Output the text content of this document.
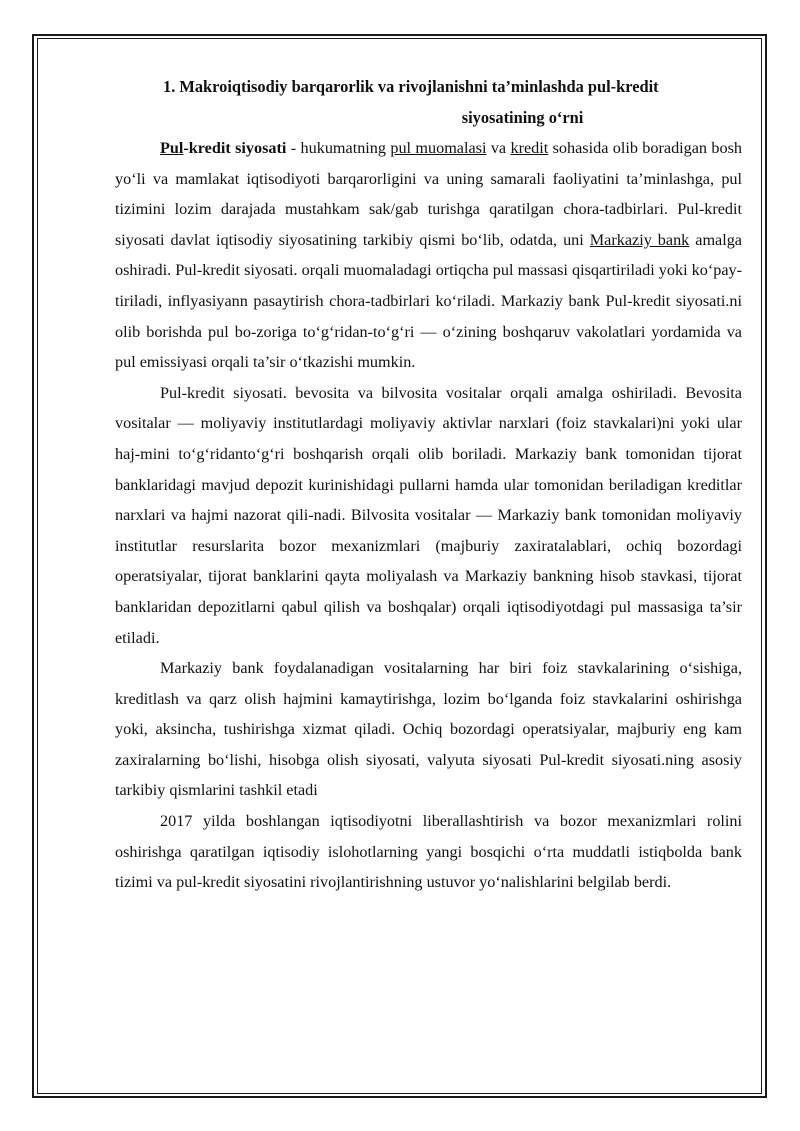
1. Makroiqtisodiy barqarorlik va rivojlanishni ta’minlashda pul-kredit
siyosatining o‘rni

Pul-kredit siyosati - hukumatning pul muomalasi va kredit sohasida olib boradigan bosh yo‘li va mamlakat iqtisodiyoti barqarorligini va uning samarali faoliyatini ta’minlashga, pul tizimini lozim darajada mustahkam sak/gab turishga qaratilgan chora-tadbirlari. Pul-kredit siyosati davlat iqtisodiy siyosatining tarkibiy qismi bo‘lib, odatda, uni Markaziy bank amalga oshiradi. Pul-kredit siyosati. orqali muomaladagi ortiqcha pul massasi qisqartiriladi yoki ko‘pay-tiriladi, inflyasiyann pasaytirish chora-tadbirlari ko‘riladi. Markaziy bank Pul-kredit siyosati.ni olib borishda pul bo-zoriga to‘g‘ridan-to‘g‘ri — o‘zining boshqaruv vakolatlari yordamida va pul emissiyasi orqali ta’sir o‘tkazishi mumkin.

Pul-kredit siyosati. bevosita va bilvosita vositalar orqali amalga oshiriladi. Bevosita vositalar — moliyaviy institutlardagi moliyaviy aktivlar narxlari (foiz stavkalari)ni yoki ular haj-mini to‘g‘ridanto‘g‘ri boshqarish orqali olib boriladi. Markaziy bank tomonidan tijorat banklaridagi mavjud depozit kurinishidagi pullarni hamda ular tomonidan beriladigan kreditlar narxlari va hajmi nazorat qili-nadi. Bilvosita vositalar — Markaziy bank tomonidan moliyaviy institutlar resurslarita bozor mexanizmlari (majburiy zaxiratalablari, ochiq bozordagi operatsiyalar, tijorat banklarini qayta moliyalash va Markaziy bankning hisob stavkasi, tijorat banklaridan depozitlarni qabul qilish va boshqalar) orqali iqtisodiyotdagi pul massasiga ta’sir etiladi.

Markaziy bank foydalanadigan vositalarning har biri foiz stavkalarining o‘sishiga, kreditlash va qarz olish hajmini kamaytirishga, lozim bo‘lganda foiz stavkalarini oshirishga yoki, aksincha, tushirishga xizmat qiladi. Ochiq bozordagi operatsiyalar, majburiy eng kam zaxiralarning bo‘lishi, hisobga olish siyosati, valyuta siyosati Pul-kredit siyosati.ning asosiy tarkibiy qismlarini tashkil etadi

2017 yilda boshlangan iqtisodiyotni liberallashtirish va bozor mexanizmlari rolini oshirishga qaratilgan iqtisodiy islohotlarning yangi bosqichi o‘rta muddatli istiqbolda bank tizimi va pul-kredit siyosatini rivojlantirishning ustuvor yo‘nalishlarini belgilab berdi.
